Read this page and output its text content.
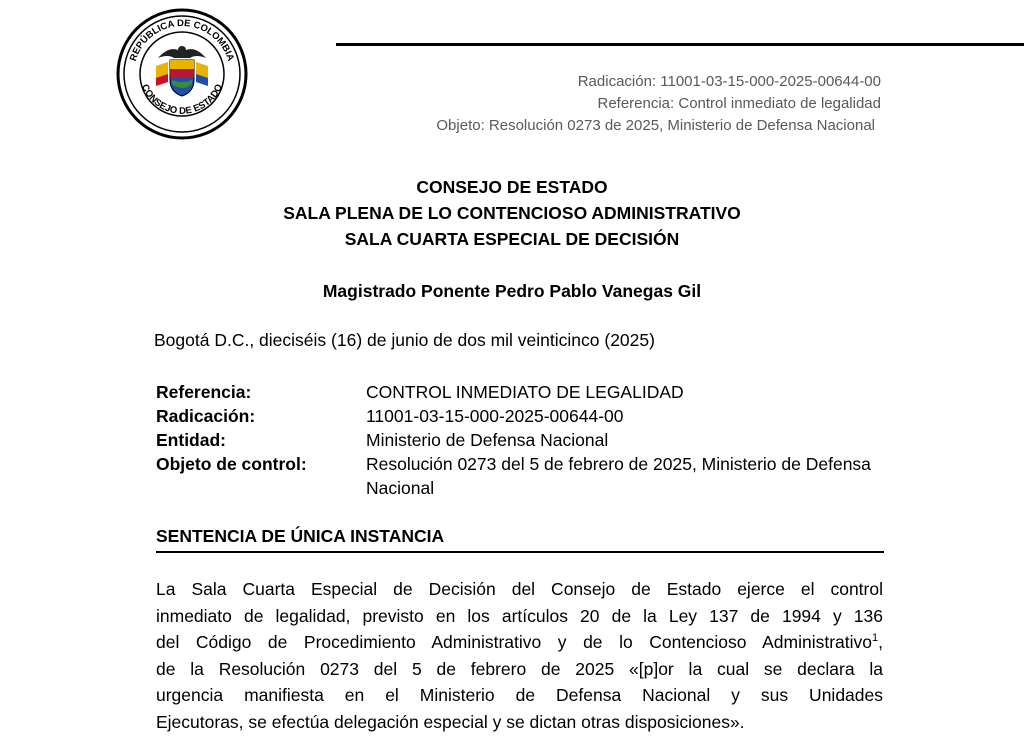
REPÚBLICA DE COLOMBIA
CONSEJO DE ESTADO	Radicación: 11001-03-15-000-2025-00644-00
Referencia: Control inmediato de legalidad
Objeto: Resolución 0273 de 2025, Ministerio de Defensa Nacional
CONSEJO DE ESTADO
SALA PLENA DE LO CONTENCIOSO ADMINISTRATIVO
SALA CUARTA ESPECIAL DE DECISIÓN
Magistrado Ponente Pedro Pablo Vanegas Gil
Bogotá D.C., dieciséis (16) de junio de dos mil veinticinco (2025)
Referencia:	CONTROL INMEDIATO DE LEGALIDAD
Radicación:	11001-03-15-000-2025-00644-00
Entidad:	Ministerio de Defensa Nacional
Objeto de control:	Resolución 0273 del 5 de febrero de 2025, Ministerio de Defensa Nacional
SENTENCIA DE ÚNICA INSTANCIA
La Sala Cuarta Especial de Decisión del Consejo de Estado ejerce el control
inmediato de legalidad, previsto en los artículos 20 de la Ley 137 de 1994 y 136
del Código de Procedimiento Administrativo y de lo Contencioso Administrativo$^1$,
de la Resolución 0273 del 5 de febrero de 2025 «[p]or la cual se declara la
urgencia manifiesta en el Ministerio de Defensa Nacional y sus Unidades
Ejecutoras, se efectúa delegación especial y se dictan otras disposiciones».
